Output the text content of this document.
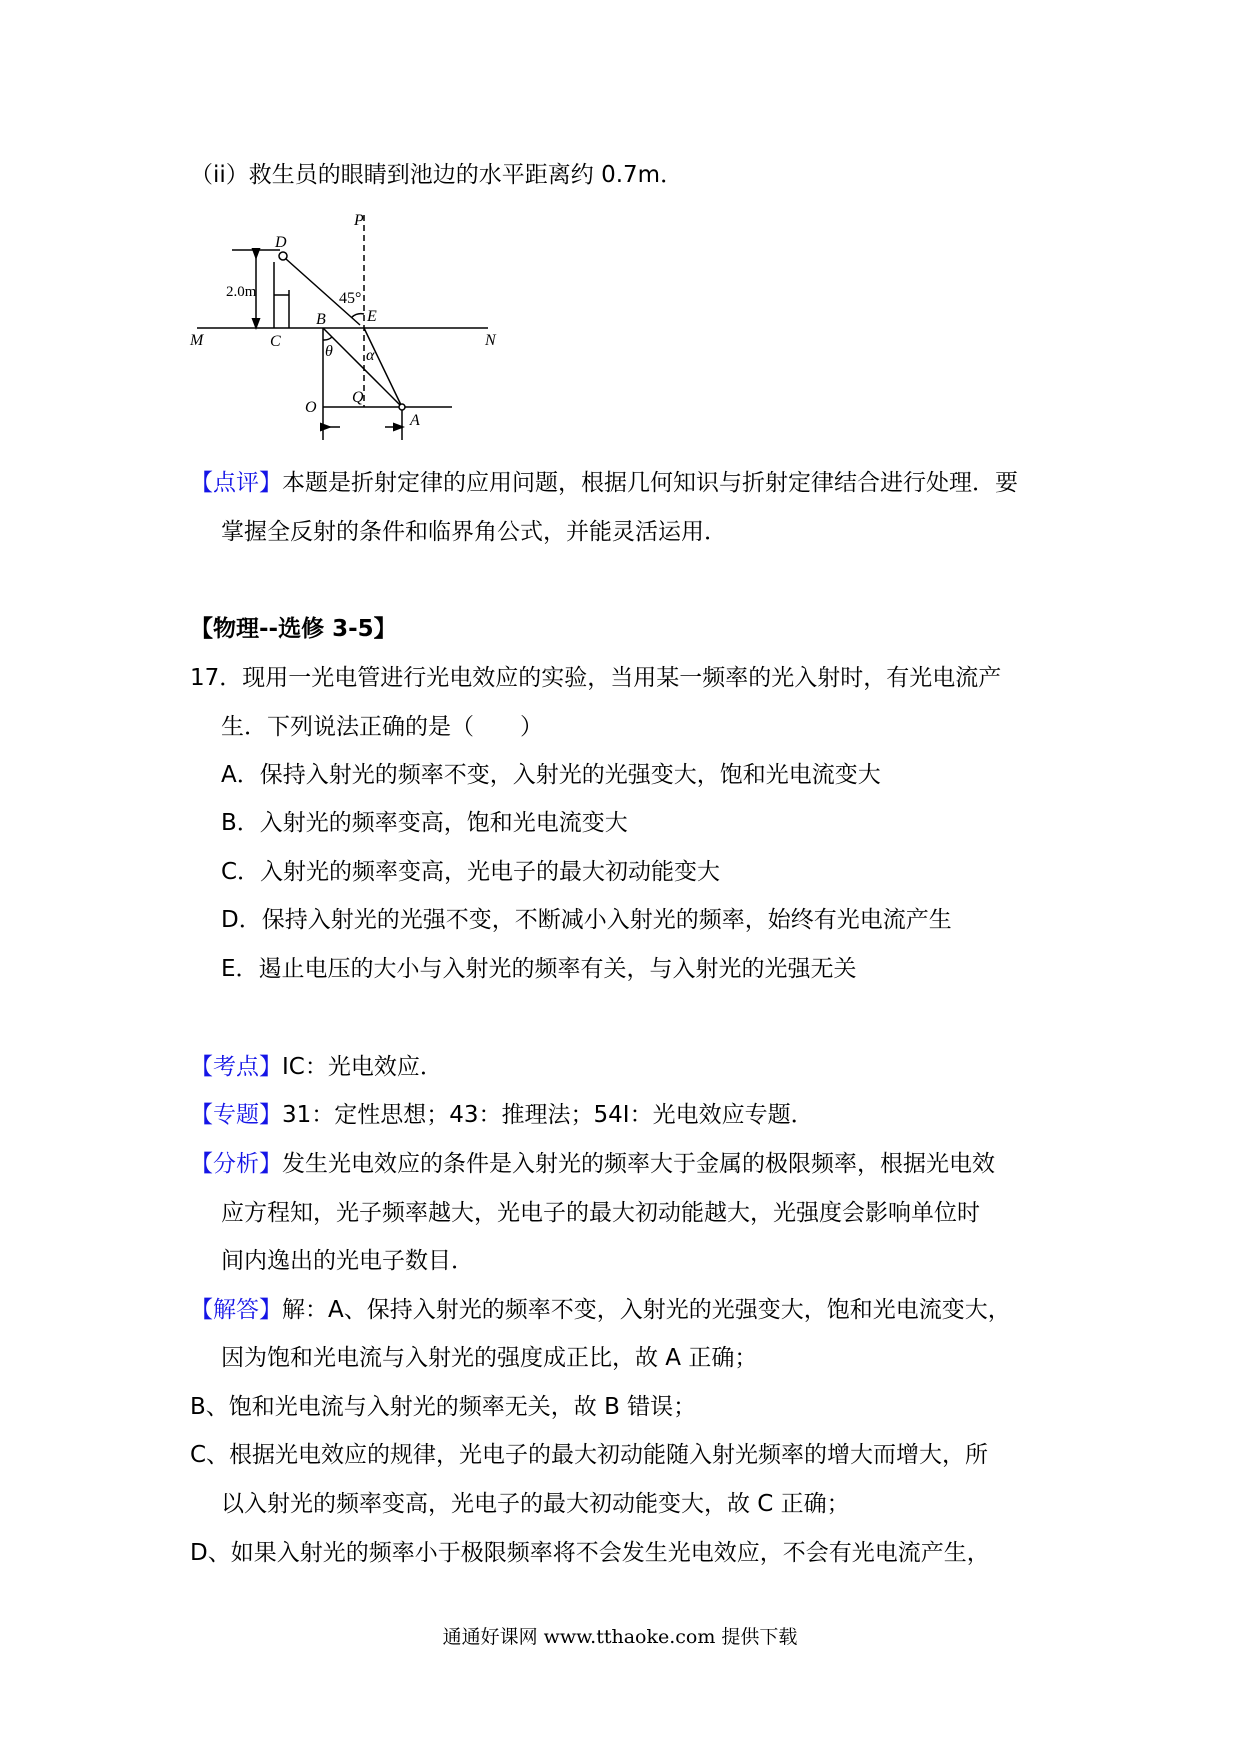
（ii）救生员的眼睛到池边的水平距离约 0.7m．
P
D
2.0m	45°
E
B
M	C	N
θ α
O
Q
A
【点评】本题是折射定律的应用问题，根据几何知识与折射定律结合进行处理．要
掌握全反射的条件和临界角公式，并能灵活运用．
【物理--选修 3-5】
17．现用一光电管进行光电效应的实验，当用某一频率的光入射时，有光电流产
生．下列说法正确的是（　　）
A．保持入射光的频率不变，入射光的光强变大，饱和光电流变大
B．入射光的频率变高，饱和光电流变大
C．入射光的频率变高，光电子的最大初动能变大
D．保持入射光的光强不变，不断减小入射光的频率，始终有光电流产生
E．遏止电压的大小与入射光的频率有关，与入射光的光强无关
【考点】IC：光电效应．
【专题】31：定性思想；43：推理法；54I：光电效应专题．
【分析】发生光电效应的条件是入射光的频率大于金属的极限频率，根据光电效
应方程知，光子频率越大，光电子的最大初动能越大，光强度会影响单位时
间内逸出的光电子数目．
【解答】解：A、保持入射光的频率不变，入射光的光强变大，饱和光电流变大，
因为饱和光电流与入射光的强度成正比，故 A 正确；
B、饱和光电流与入射光的频率无关，故 B 错误；
C、根据光电效应的规律，光电子的最大初动能随入射光频率的增大而增大，所
以入射光的频率变高，光电子的最大初动能变大，故 C 正确；
D、如果入射光的频率小于极限频率将不会发生光电效应，不会有光电流产生，
通通好课网 www.tthaoke.com 提供下载
